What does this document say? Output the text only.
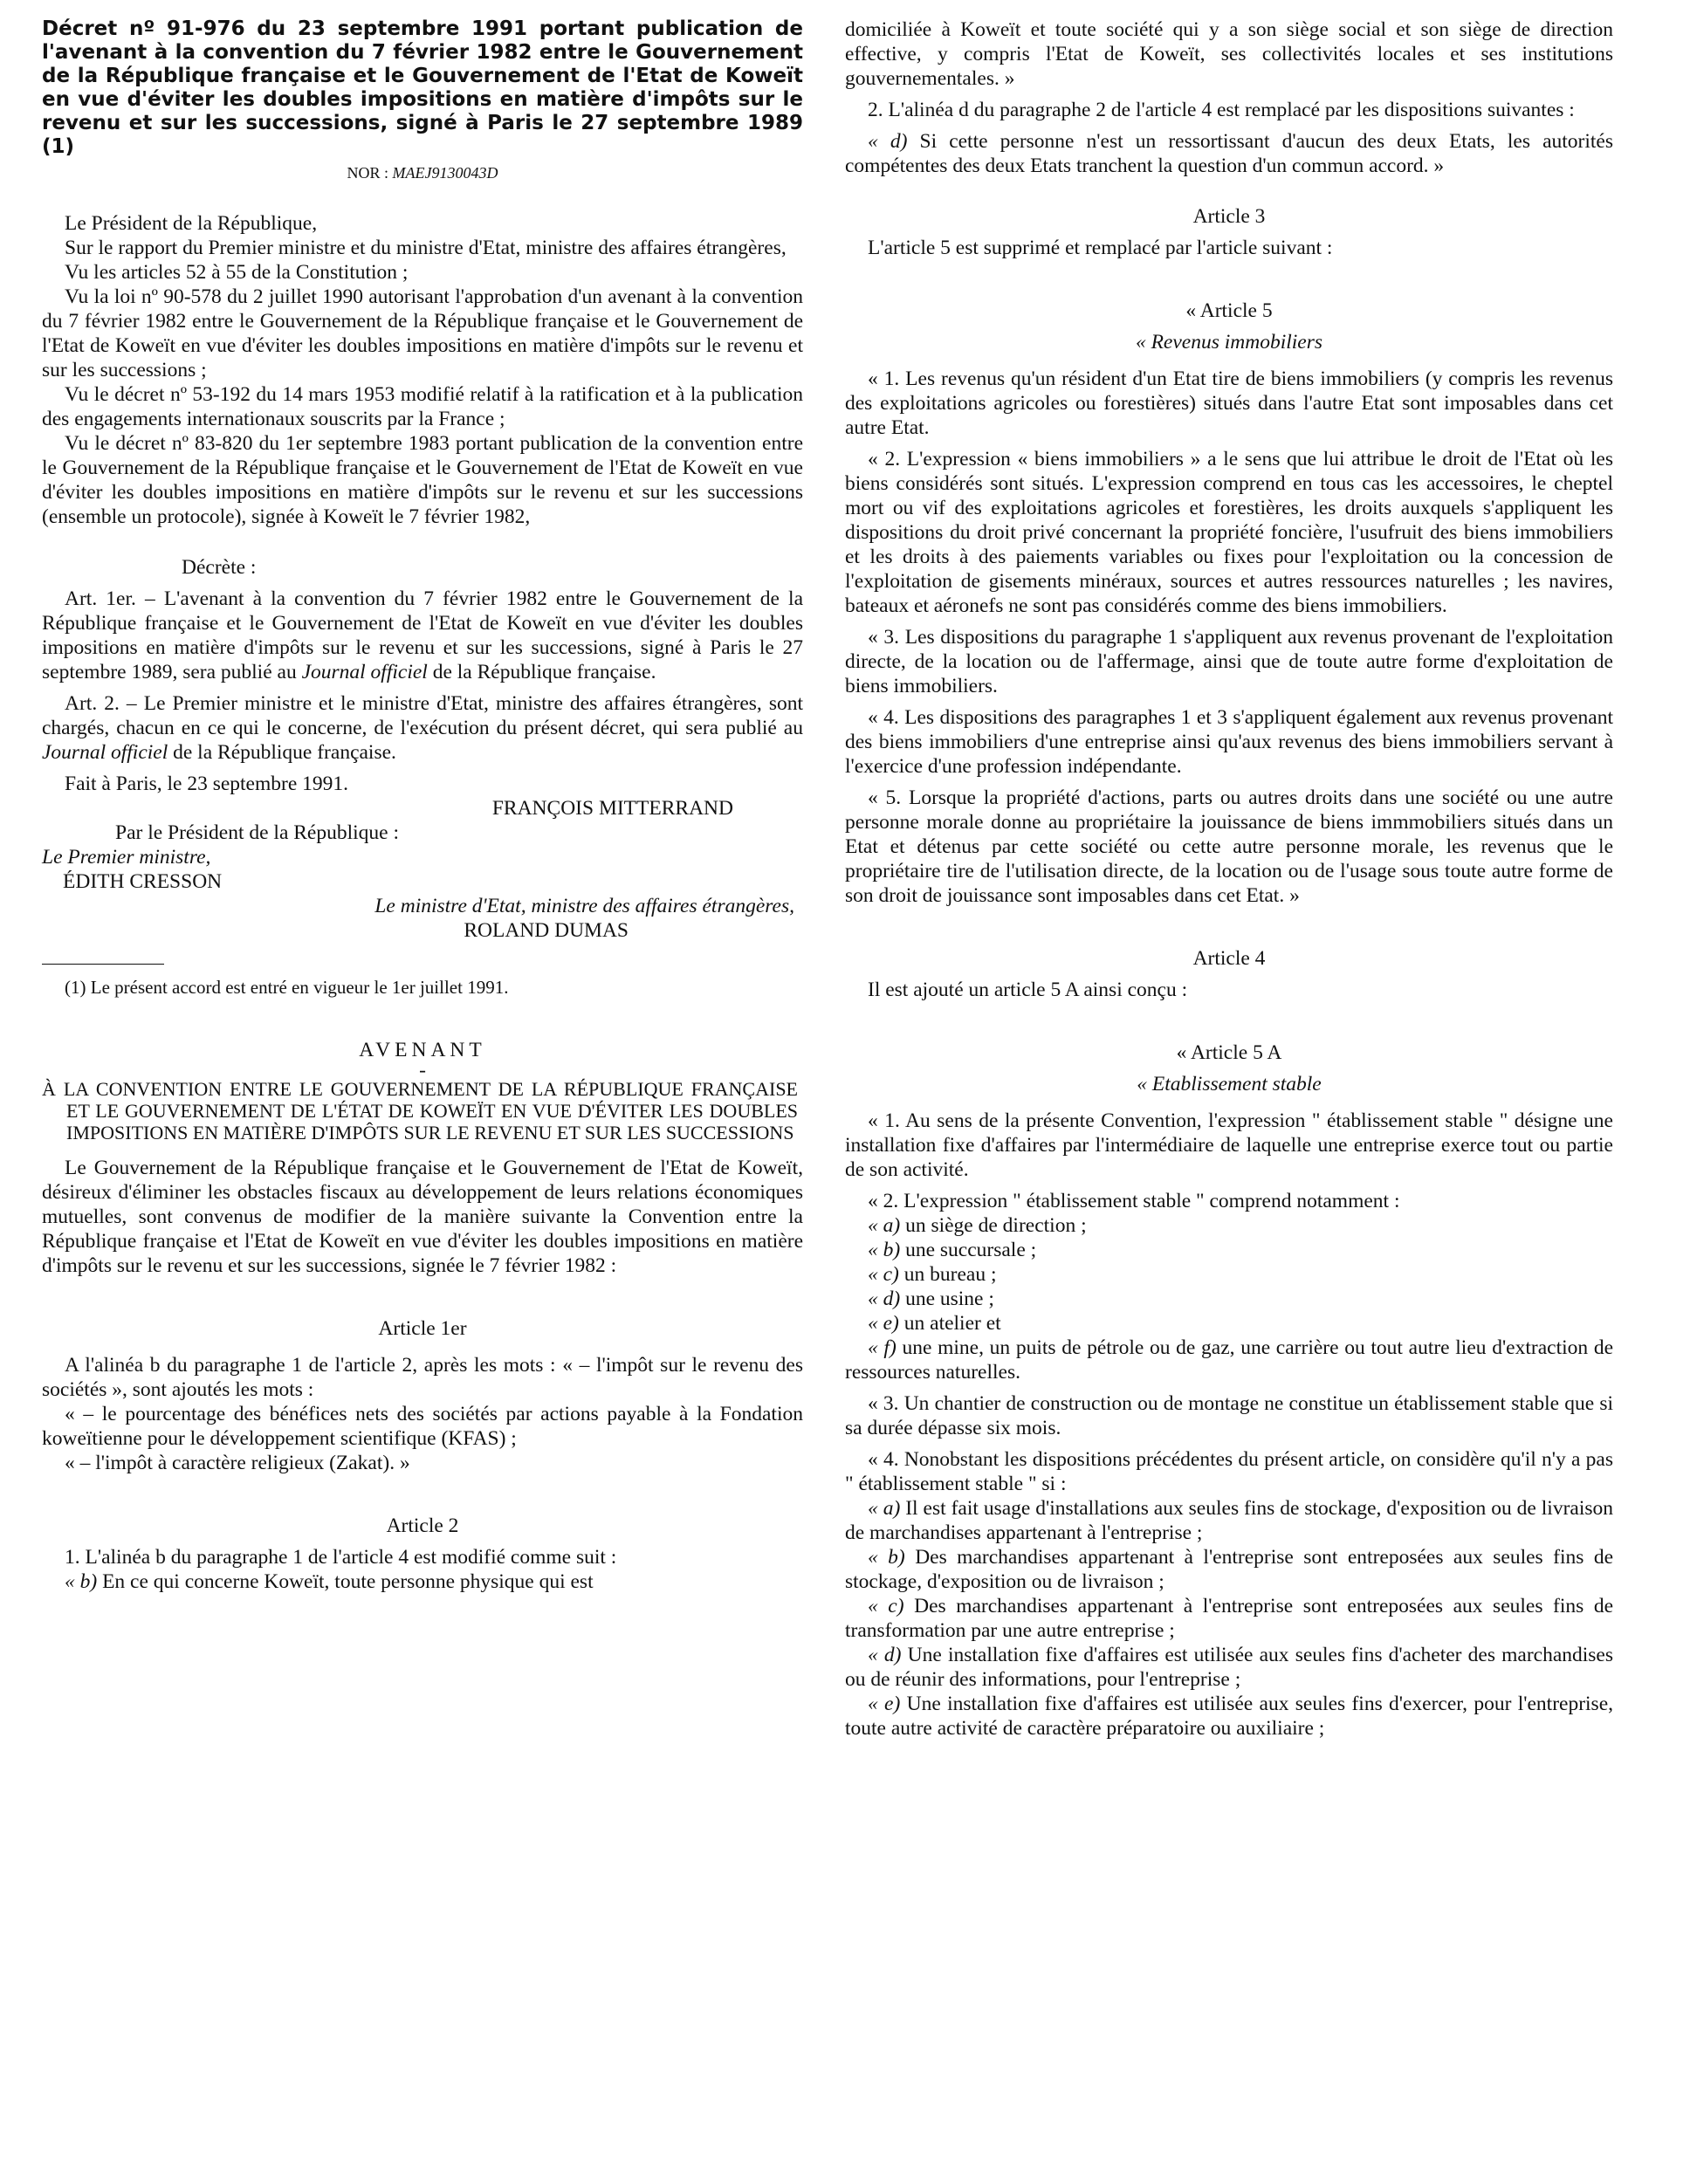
Décret nº 91-976 du 23 septembre 1991 portant publication de l'avenant à la convention du 7 février 1982 entre le Gouvernement de la République française et le Gouvernement de l'Etat de Koweït en vue d'éviter les doubles impositions en matière d'impôts sur le revenu et sur les successions, signé à Paris le 27 septembre 1989 (1)

NOR : MAEJ9130043D

Le Président de la République,

Sur le rapport du Premier ministre et du ministre d'Etat, ministre des affaires étrangères,

Vu les articles 52 à 55 de la Constitution ;

Vu la loi nº 90-578 du 2 juillet 1990 autorisant l'approbation d'un avenant à la convention du 7 février 1982 entre le Gouvernement de la République française et le Gouvernement de l'Etat de Koweït en vue d'éviter les doubles impositions en matière d'impôts sur le revenu et sur les successions ;

Vu le décret nº 53-192 du 14 mars 1953 modifié relatif à la ratification et à la publication des engagements internationaux souscrits par la France ;

Vu le décret nº 83-820 du 1er septembre 1983 portant publication de la convention entre le Gouvernement de la République française et le Gouvernement de l'Etat de Koweït en vue d'éviter les doubles impositions en matière d'impôts sur le revenu et sur les successions (ensemble un protocole), signée à Koweït le 7 février 1982,

Décrète :

Art. 1er. – L'avenant à la convention du 7 février 1982 entre le Gouvernement de la République française et le Gouvernement de l'Etat de Koweït en vue d'éviter les doubles impositions en matière d'impôts sur le revenu et sur les successions, signé à Paris le 27 septembre 1989, sera publié au Journal officiel de la République française.

Art. 2. – Le Premier ministre et le ministre d'Etat, ministre des affaires étrangères, sont chargés, chacun en ce qui le concerne, de l'exécution du présent décret, qui sera publié au Journal officiel de la République française.

Fait à Paris, le 23 septembre 1991.

FRANÇOIS MITTERRAND

Par le Président de la République :

Le Premier ministre,

ÉDITH CRESSON

Le ministre d'Etat, ministre des affaires étrangères,

ROLAND DUMAS

(1) Le présent accord est entré en vigueur le 1er juillet 1991.

AVENANT

-

À LA CONVENTION ENTRE LE GOUVERNEMENT DE LA RÉPUBLIQUE FRANÇAISE ET LE GOUVERNEMENT DE L'ÉTAT DE KOWEÏT EN VUE D'ÉVITER LES DOUBLES IMPOSITIONS EN MATIÈRE D'IMPÔTS SUR LE REVENU ET SUR LES SUCCESSIONS

Le Gouvernement de la République française et le Gouvernement de l'Etat de Koweït, désireux d'éliminer les obstacles fiscaux au développement de leurs relations économiques mutuelles, sont convenus de modifier de la manière suivante la Convention entre la République française et l'Etat de Koweït en vue d'éviter les doubles impositions en matière d'impôts sur le revenu et sur les successions, signée le 7 février 1982 :

Article 1er

A l'alinéa b du paragraphe 1 de l'article 2, après les mots : « – l'impôt sur le revenu des sociétés », sont ajoutés les mots :

« – le pourcentage des bénéfices nets des sociétés par actions payable à la Fondation koweïtienne pour le développement scientifique (KFAS) ;

« – l'impôt à caractère religieux (Zakat). »

Article 2

1. L'alinéa b du paragraphe 1 de l'article 4 est modifié comme suit :

« b) En ce qui concerne Koweït, toute personne physique qui est

domiciliée à Koweït et toute société qui y a son siège social et son siège de direction effective, y compris l'Etat de Koweït, ses collectivités locales et ses institutions gouvernementales. »

2. L'alinéa d du paragraphe 2 de l'article 4 est remplacé par les dispositions suivantes :

« d) Si cette personne n'est un ressortissant d'aucun des deux Etats, les autorités compétentes des deux Etats tranchent la question d'un commun accord. »

Article 3

L'article 5 est supprimé et remplacé par l'article suivant :

« Article 5

« Revenus immobiliers

« 1. Les revenus qu'un résident d'un Etat tire de biens immobiliers (y compris les revenus des exploitations agricoles ou forestières) situés dans l'autre Etat sont imposables dans cet autre Etat.

« 2. L'expression « biens immobiliers » a le sens que lui attribue le droit de l'Etat où les biens considérés sont situés. L'expression comprend en tous cas les accessoires, le cheptel mort ou vif des exploitations agricoles et forestières, les droits auxquels s'appliquent les dispositions du droit privé concernant la propriété foncière, l'usufruit des biens immobiliers et les droits à des paiements variables ou fixes pour l'exploitation ou la concession de l'exploitation de gisements minéraux, sources et autres ressources naturelles ; les navires, bateaux et aéronefs ne sont pas considérés comme des biens immobiliers.

« 3. Les dispositions du paragraphe 1 s'appliquent aux revenus provenant de l'exploitation directe, de la location ou de l'affermage, ainsi que de toute autre forme d'exploitation de biens immobiliers.

« 4. Les dispositions des paragraphes 1 et 3 s'appliquent également aux revenus provenant des biens immobiliers d'une entreprise ainsi qu'aux revenus des biens immobiliers servant à l'exercice d'une profession indépendante.

« 5. Lorsque la propriété d'actions, parts ou autres droits dans une société ou une autre personne morale donne au propriétaire la jouissance de biens immmobiliers situés dans un Etat et détenus par cette société ou cette autre personne morale, les revenus que le propriétaire tire de l'utilisation directe, de la location ou de l'usage sous toute autre forme de son droit de jouissance sont imposables dans cet Etat. »

Article 4

Il est ajouté un article 5 A ainsi conçu :

« Article 5 A

« Etablissement stable

« 1. Au sens de la présente Convention, l'expression " établissement stable " désigne une installation fixe d'affaires par l'intermédiaire de laquelle une entreprise exerce tout ou partie de son activité.

« 2. L'expression " établissement stable " comprend notamment :

« a) un siège de direction ;

« b) une succursale ;

« c) un bureau ;

« d) une usine ;

« e) un atelier et

« f) une mine, un puits de pétrole ou de gaz, une carrière ou tout autre lieu d'extraction de ressources naturelles.

« 3. Un chantier de construction ou de montage ne constitue un établissement stable que si sa durée dépasse six mois.

« 4. Nonobstant les dispositions précédentes du présent article, on considère qu'il n'y a pas " établissement stable " si :

« a) Il est fait usage d'installations aux seules fins de stockage, d'exposition ou de livraison de marchandises appartenant à l'entreprise ;

« b) Des marchandises appartenant à l'entreprise sont entreposées aux seules fins de stockage, d'exposition ou de livraison ;

« c) Des marchandises appartenant à l'entreprise sont entreposées aux seules fins de transformation par une autre entreprise ;

« d) Une installation fixe d'affaires est utilisée aux seules fins d'acheter des marchandises ou de réunir des informations, pour l'entreprise ;

« e) Une installation fixe d'affaires est utilisée aux seules fins d'exercer, pour l'entreprise, toute autre activité de caractère préparatoire ou auxiliaire ;
